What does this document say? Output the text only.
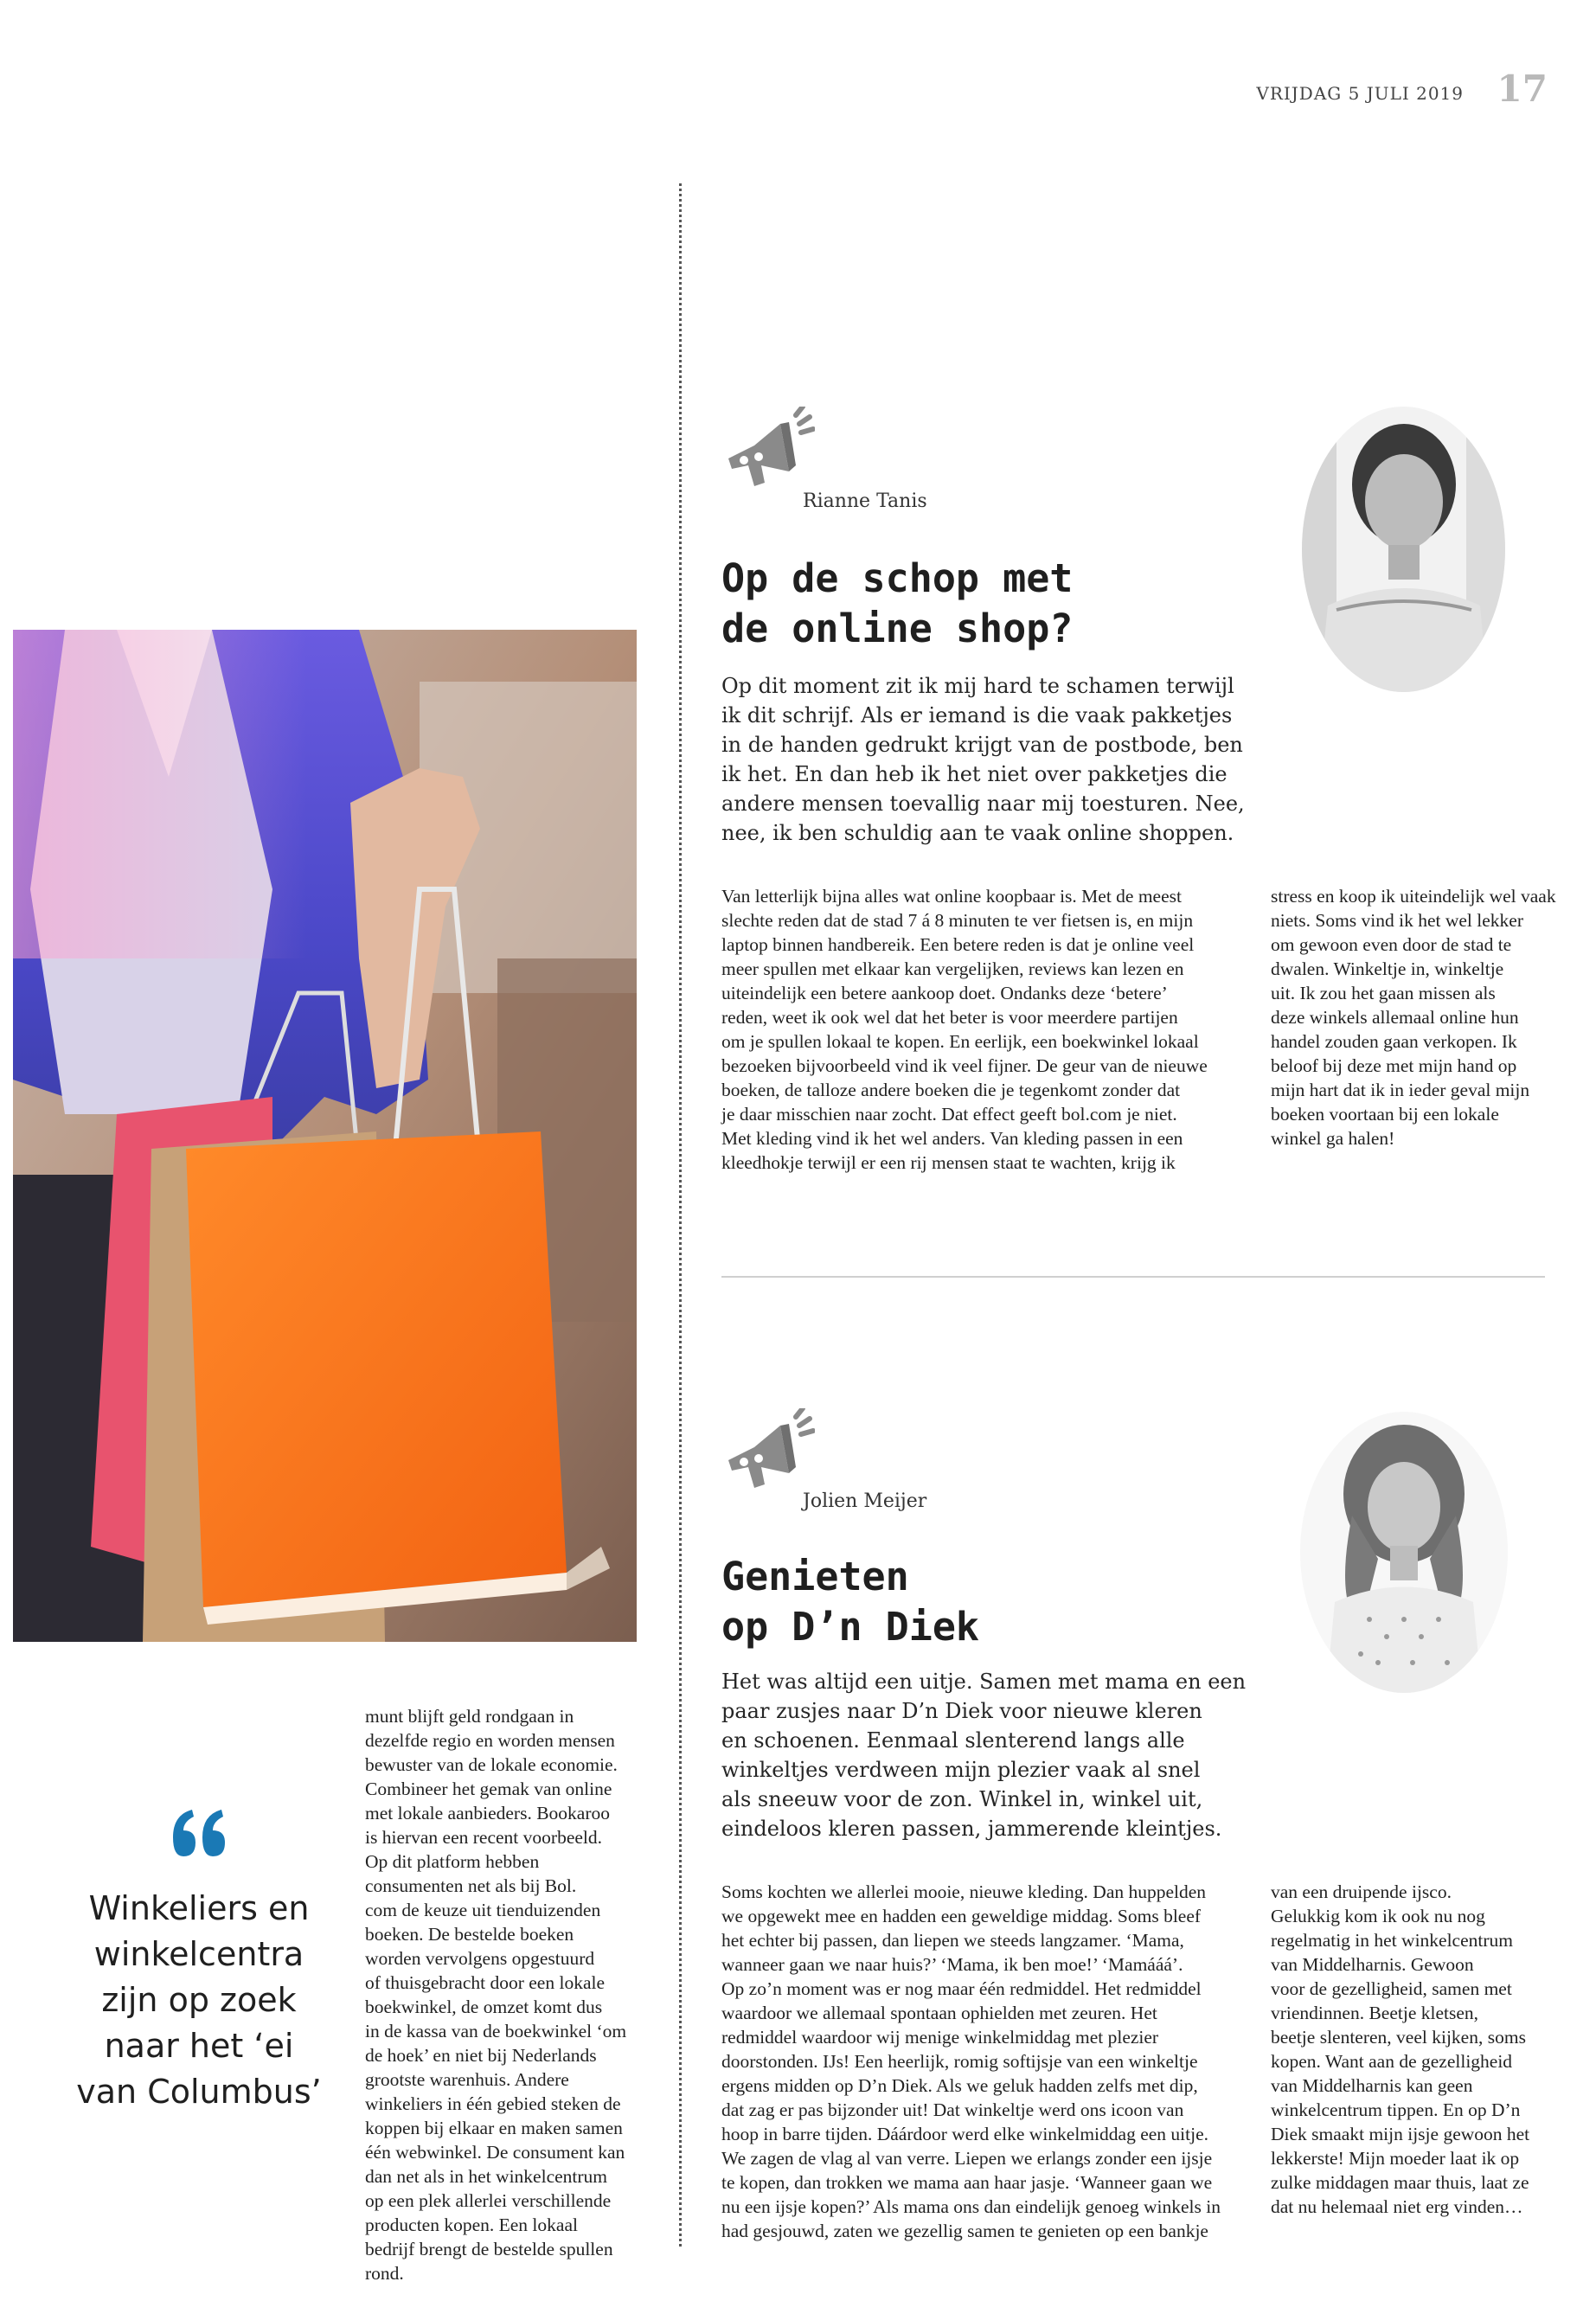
VRIJDAG 5 JULI 2019 17
Rianne Tanis
Op de schop met
de online shop?
Op dit moment zit ik mij hard te schamen terwijl
ik dit schrijf. Als er iemand is die vaak pakketjes
in de handen gedrukt krijgt van de postbode, ben
ik het. En dan heb ik het niet over pakketjes die
andere mensen toevallig naar mij toesturen. Nee,
nee, ik ben schuldig aan te vaak online shoppen.
Van letterlijk bijna alles wat online koopbaar is. Met de meest
slechte reden dat de stad 7 á 8 minuten te ver fietsen is, en mijn
laptop binnen handbereik. Een betere reden is dat je online veel
meer spullen met elkaar kan vergelijken, reviews kan lezen en
uiteindelijk een betere aankoop doet. Ondanks deze ‘betere’
reden, weet ik ook wel dat het beter is voor meerdere partijen
om je spullen lokaal te kopen. En eerlijk, een boekwinkel lokaal
bezoeken bijvoorbeeld vind ik veel fijner. De geur van de nieuwe
boeken, de talloze andere boeken die je tegenkomt zonder dat
je daar misschien naar zocht. Dat effect geeft bol.com je niet.
Met kleding vind ik het wel anders. Van kleding passen in een
kleedhokje terwijl er een rij mensen staat te wachten, krijg ik
stress en koop ik uiteindelijk wel vaak
niets. Soms vind ik het wel lekker
om gewoon even door de stad te
dwalen. Winkeltje in, winkeltje
uit. Ik zou het gaan missen als
deze winkels allemaal online hun
handel zouden gaan verkopen. Ik
beloof bij deze met mijn hand op
mijn hart dat ik in ieder geval mijn
boeken voortaan bij een lokale
winkel ga halen!
Jolien Meijer
Genieten
op D’n Diek
Het was altijd een uitje. Samen met mama en een
paar zusjes naar D’n Diek voor nieuwe kleren
en schoenen. Eenmaal slenterend langs alle
winkeltjes verdween mijn plezier vaak al snel
als sneeuw voor de zon. Winkel in, winkel uit,
eindeloos kleren passen, jammerende kleintjes.
Soms kochten we allerlei mooie, nieuwe kleding. Dan huppelden
we opgewekt mee en hadden een geweldige middag. Soms bleef
het echter bij passen, dan liepen we steeds langzamer. ‘Mama,
wanneer gaan we naar huis?’ ‘Mama, ik ben moe!’ ‘Mamááá’.
Op zo’n moment was er nog maar één redmiddel. Het redmiddel
waardoor we allemaal spontaan ophielden met zeuren. Het
redmiddel waardoor wij menige winkelmiddag met plezier
doorstonden. IJs! Een heerlijk, romig softijsje van een winkeltje
ergens midden op D’n Diek. Als we geluk hadden zelfs met dip,
dat zag er pas bijzonder uit! Dat winkeltje werd ons icoon van
hoop in barre tijden. Dáárdoor werd elke winkelmiddag een uitje.
We zagen de vlag al van verre. Liepen we erlangs zonder een ijsje
te kopen, dan trokken we mama aan haar jasje. ‘Wanneer gaan we
nu een ijsje kopen?’ Als mama ons dan eindelijk genoeg winkels in
had gesjouwd, zaten we gezellig samen te genieten op een bankje
van een druipende ijsco.
Gelukkig kom ik ook nu nog
regelmatig in het winkelcentrum
van Middelharnis. Gewoon
voor de gezelligheid, samen met
vriendinnen. Beetje kletsen,
beetje slenteren, veel kijken, soms
kopen. Want aan de gezelligheid
van Middelharnis kan geen
winkelcentrum tippen. En op D’n
Diek smaakt mijn ijsje gewoon het
lekkerste! Mijn moeder laat ik op
zulke middagen maar thuis, laat ze
dat nu helemaal niet erg vinden…
Winkeliers en
winkelcentra
zijn op zoek
naar het ‘ei
van Columbus’
munt blijft geld rondgaan in
dezelfde regio en worden mensen
bewuster van de lokale economie.
Combineer het gemak van online
met lokale aanbieders. Bookaroo
is hiervan een recent voorbeeld.
Op dit platform hebben
consumenten net als bij Bol.
com de keuze uit tienduizenden
boeken. De bestelde boeken
worden vervolgens opgestuurd
of thuisgebracht door een lokale
boekwinkel, de omzet komt dus
in de kassa van de boekwinkel ‘om
de hoek’ en niet bij Nederlands
grootste warenhuis. Andere
winkeliers in één gebied steken de
koppen bij elkaar en maken samen
één webwinkel. De consument kan
dan net als in het winkelcentrum
op een plek allerlei verschillende
producten kopen. Een lokaal
bedrijf brengt de bestelde spullen
rond.
